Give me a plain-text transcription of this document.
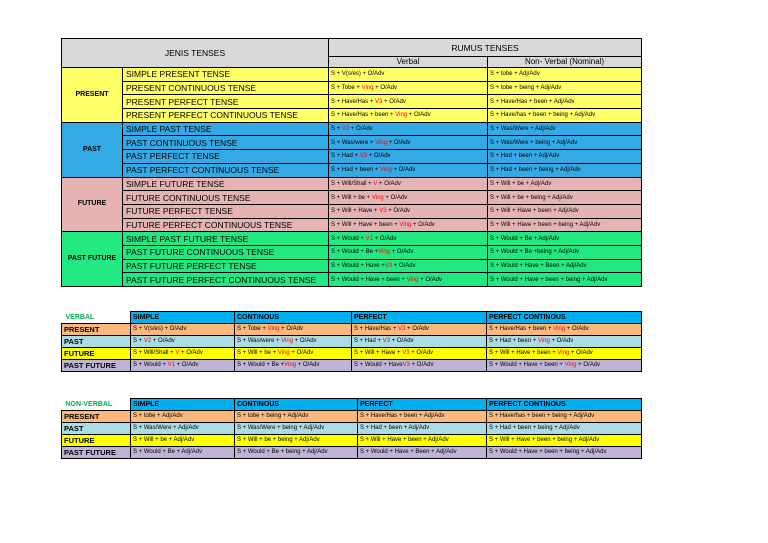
JENIS TENSES		RUMUS TENSES	
		Verbal	Non- Verbal (Nominal)
PRESENT	SIMPLE PRESENT TENSE	S + V(s/es) + O/Adv	S + tobe + Adj/Adv
	PRESENT CONTINUOUS TENSE	S + Tobe + Ving + O/Adv	S + tobe + being + Adj/Adv
	PRESENT PERFECT TENSE	S + Have/Has + V3 + O/Adv	S + Have/Has + been + Adj/Adv
	PRESENT PERFECT CONTINUOUS TENSE	S + Have/Has + been + Ving + O/Adv	S + Have/has + been + being + Adj/Adv
PAST	SIMPLE PAST TENSE	S + V2 + O/Adv	S + Was/Were + Adj/Adv
	PAST CONTINUOUS TENSE	S + Was/were + Ving + O/Adv	S + Was/Were + being + Adj/Adv
	PAST PERFECT TENSE	S + Had + V3 + O/Adv	S + Had + been + Adj/Adv
	PAST PERFECT CONTINUOUS TENSE	S + Had + been + Ving + O/Adv	S + Had + been + being + Adj/Adv
FUTURE	SIMPLE FUTURE TENSE	S + Will/Shall + V + O/Adv	S + Will + be + Adj/Adv
	FUTURE CONTINUOUS TENSE	S + Will + be + Ving + O/Adv	S + Will + be + being + Adj/Adv
	FUTURE PERFECT TENSE	S + Will + Have + V3 + O/Adv	S + Will + Have + been + Adj/Adv
	FUTURE PERFECT CONTINUOUS TENSE	S + Will + Have + been + Ving + O/Adv	S + Will + Have + been + being + Adj/Adv
PAST FUTURE	SIMPLE PAST FUTURE TENSE	S + Would + V1 + O/Adv	S + Would + Be + Adj/Adv
	PAST FUTURE CONTINUOUS TENSE	S + Would + Be +Ving + O/Adv	S + Would + Be +being + Adj/Adv
	PAST FUTURE PERFECT TENSE	S + Would + Have +V3 + O/Adv	S + Would + Have + Been + Adj/Adv
	PAST FUTURE PERFECT CONTINUOUS TENSE	S + Would + Have + been + Ving + O/Adv	S + Would + Have + been + being + Adj/Adv
VERBAL	SIMPLE	CONTINOUS	PERFECT	PERFECT CONTINOUS
PRESENT	S + V(s/es) + O/Adv	S + Tobe + Ving + O/Adv	S + Have/Has + V3 + O/Adv	S + Have/Has + been + Ving + O/Adv
PAST	S + V2 + O/Adv	S + Was/were + Ving + O/Adv	S + Had + V3 + O/Adv	S + Had + been + Ving + O/Adv
FUTURE	S + Will/Shall + V + O/Adv	S + Will + be + Ving + O/Adv	S + Will + Have + V3 + O/Adv	S + Will + Have + been + Ving + O/Adv
PAST FUTURE	S + Would + V1 + O/Adv	S + Would + Be +Ving + O/Adv	S + Would + HaveV3 + O/Adv	S + Would + Have + been + Ving + O/Adv
NON-VERBAL	SIMPLE	CONTINOUS	PERFECT	PERFECT CONTINOUS
PRESENT	S + tobe + Adj/Adv	S + tobe + being + Adj/Adv	S + Have/Has + been + Adj/Adv	S + Have/has + been + being + Adj/Adv
PAST	S + Was/Were + Adj/Adv	S + Was/Were + being + Adj/Adv	S + Had + been + Adj/Adv	S + Had + been + being + Adj/Adv
FUTURE	S + Will + be + Adj/Adv	S + Will + be + being + Adj/Adv	S + Will + Have + been + Adj/Adv	S + Will + Have + been + being + Adj/Adv
PAST FUTURE	S + Would + Be + Adj/Adv	S + Would + Be + being + Adj/Adv	S + Would + Have + Been + Adj/Adv	S + Would + Have + been + being + Adj/Adv
